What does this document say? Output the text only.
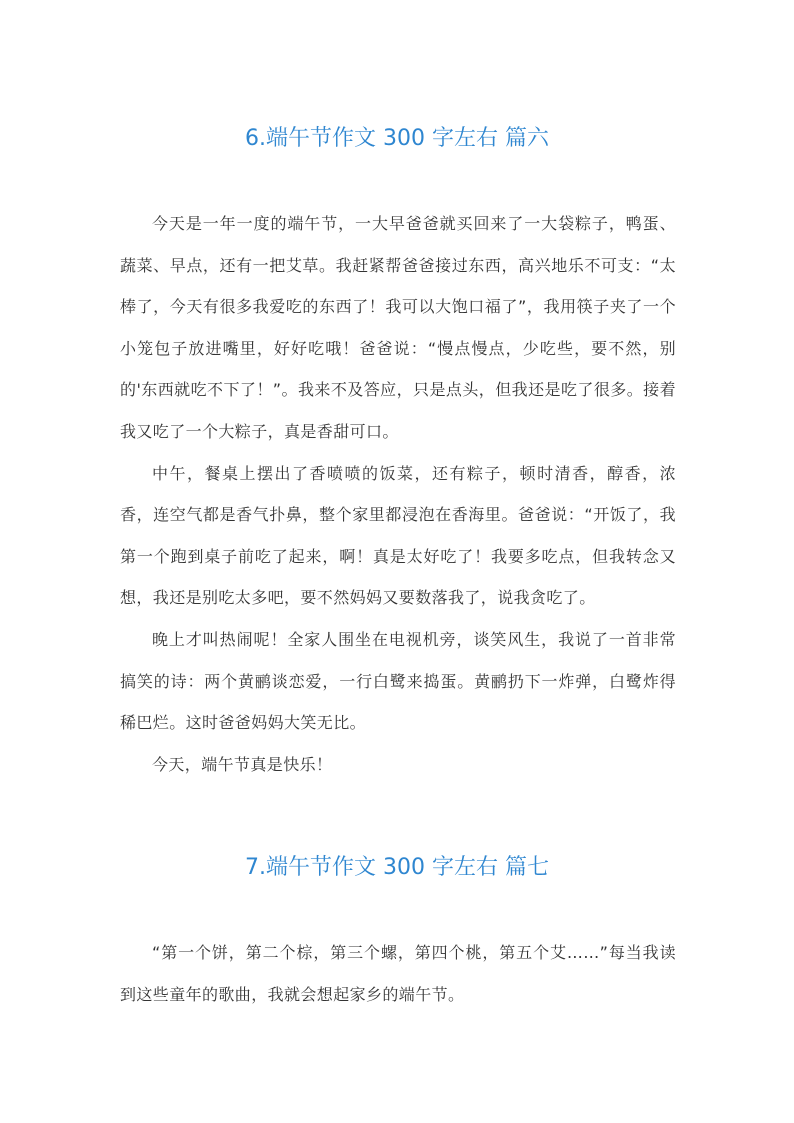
6.端午节作文 300 字左右 篇六

今天是一年一度的端午节，一大早爸爸就买回来了一大袋粽子，鸭蛋、蔬菜、早点，还有一把艾草。我赶紧帮爸爸接过东西，高兴地乐不可支：“太棒了，今天有很多我爱吃的东西了！我可以大饱口福了”，我用筷子夹了一个小笼包子放进嘴里，好好吃哦！爸爸说：“慢点慢点，少吃些，要不然，别的'东西就吃不下了！”。我来不及答应，只是点头，但我还是吃了很多。接着我又吃了一个大粽子，真是香甜可口。

中午，餐桌上摆出了香喷喷的饭菜，还有粽子，顿时清香，醇香，浓香，连空气都是香气扑鼻，整个家里都浸泡在香海里。爸爸说：“开饭了，我第一个跑到桌子前吃了起来，啊！真是太好吃了！我要多吃点，但我转念又想，我还是别吃太多吧，要不然妈妈又要数落我了，说我贪吃了。

晚上才叫热闹呢！全家人围坐在电视机旁，谈笑风生，我说了一首非常搞笑的诗：两个黄鹂谈恋爱，一行白鹭来捣蛋。黄鹂扔下一炸弹，白鹭炸得稀巴烂。这时爸爸妈妈大笑无比。

今天，端午节真是快乐！

7.端午节作文 300 字左右 篇七

“第一个饼，第二个棕，第三个螺，第四个桃，第五个艾……”每当我读到这些童年的歌曲，我就会想起家乡的端午节。
